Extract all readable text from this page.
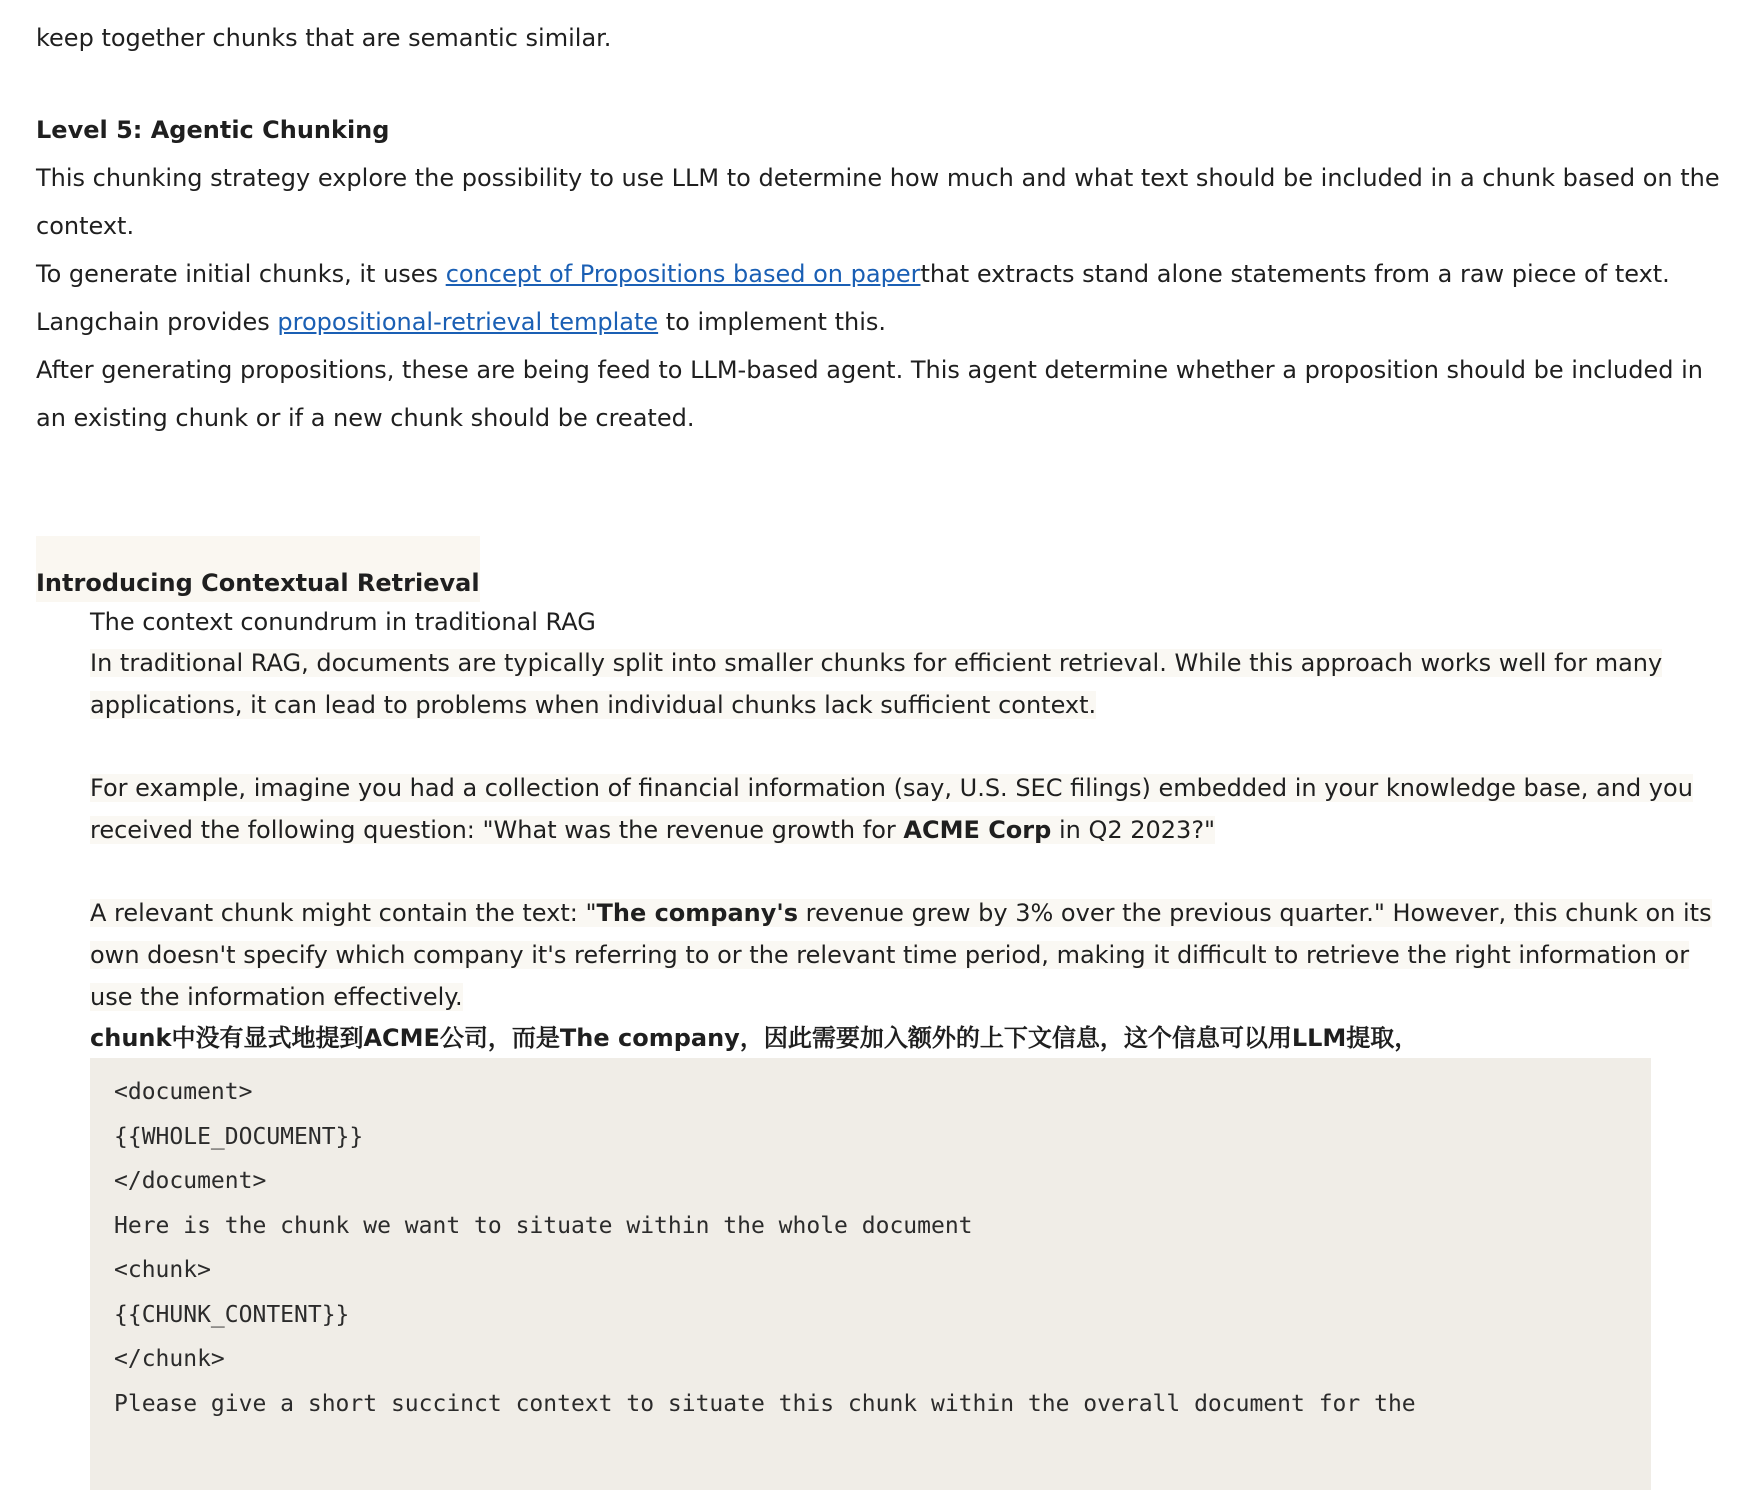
keep together chunks that are semantic similar.

Level 5: Agentic Chunking

This chunking strategy explore the possibility to use LLM to determine how much and what text should be included in a chunk based on the context.

To generate initial chunks, it uses concept of Propositions based on paperthat extracts stand alone statements from a raw piece of text. Langchain provides propositional-retrieval template to implement this.

After generating propositions, these are being feed to LLM-based agent. This agent determine whether a proposition should be included in an existing chunk or if a new chunk should be created.

Introducing Contextual Retrieval

The context conundrum in traditional RAG

In traditional RAG, documents are typically split into smaller chunks for efficient retrieval. While this approach works well for many applications, it can lead to problems when individual chunks lack sufficient context.

For example, imagine you had a collection of financial information (say, U.S. SEC filings) embedded in your knowledge base, and you received the following question: "What was the revenue growth for ACME Corp in Q2 2023?"

A relevant chunk might contain the text: "The company's revenue grew by 3% over the previous quarter." However, this chunk on its own doesn't specify which company it's referring to or the relevant time period, making it difficult to retrieve the right information or use the information effectively.

chunk中没有显式地提到ACME公司，而是The company，因此需要加入额外的上下文信息，这个信息可以用LLM提取，

<document>
{{WHOLE_DOCUMENT}}
</document>
Here is the chunk we want to situate within the whole document
<chunk>
{{CHUNK_CONTENT}}
</chunk>
Please give a short succinct context to situate this chunk within the overall document for the
